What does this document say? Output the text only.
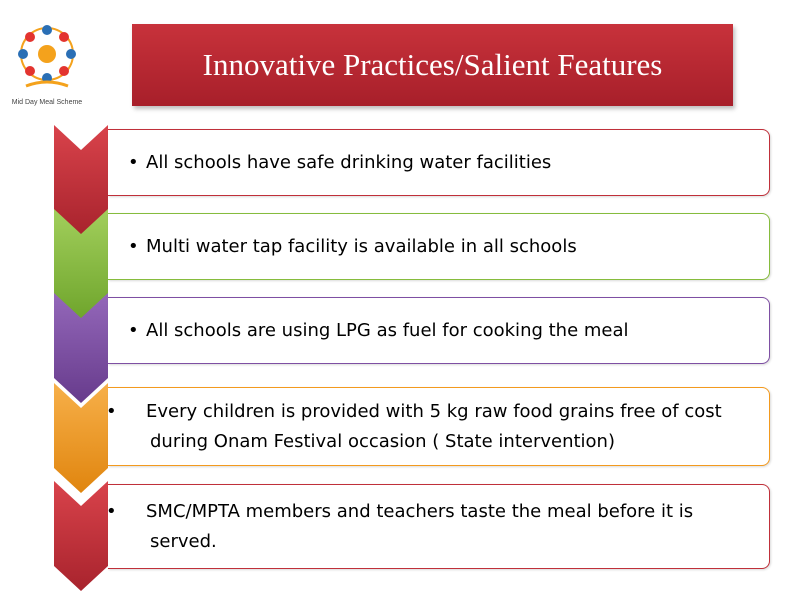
Mid Day Meal Scheme
Innovative Practices/Salient Features
• All schools have safe drinking water facilities
• Multi water tap facility is available in all schools
• All schools are using LPG as fuel for cooking the meal
• Every children is provided with 5 kg raw food grains free of cost during Onam Festival occasion ( State intervention)
• SMC/MPTA members and teachers taste the meal before it is served.
